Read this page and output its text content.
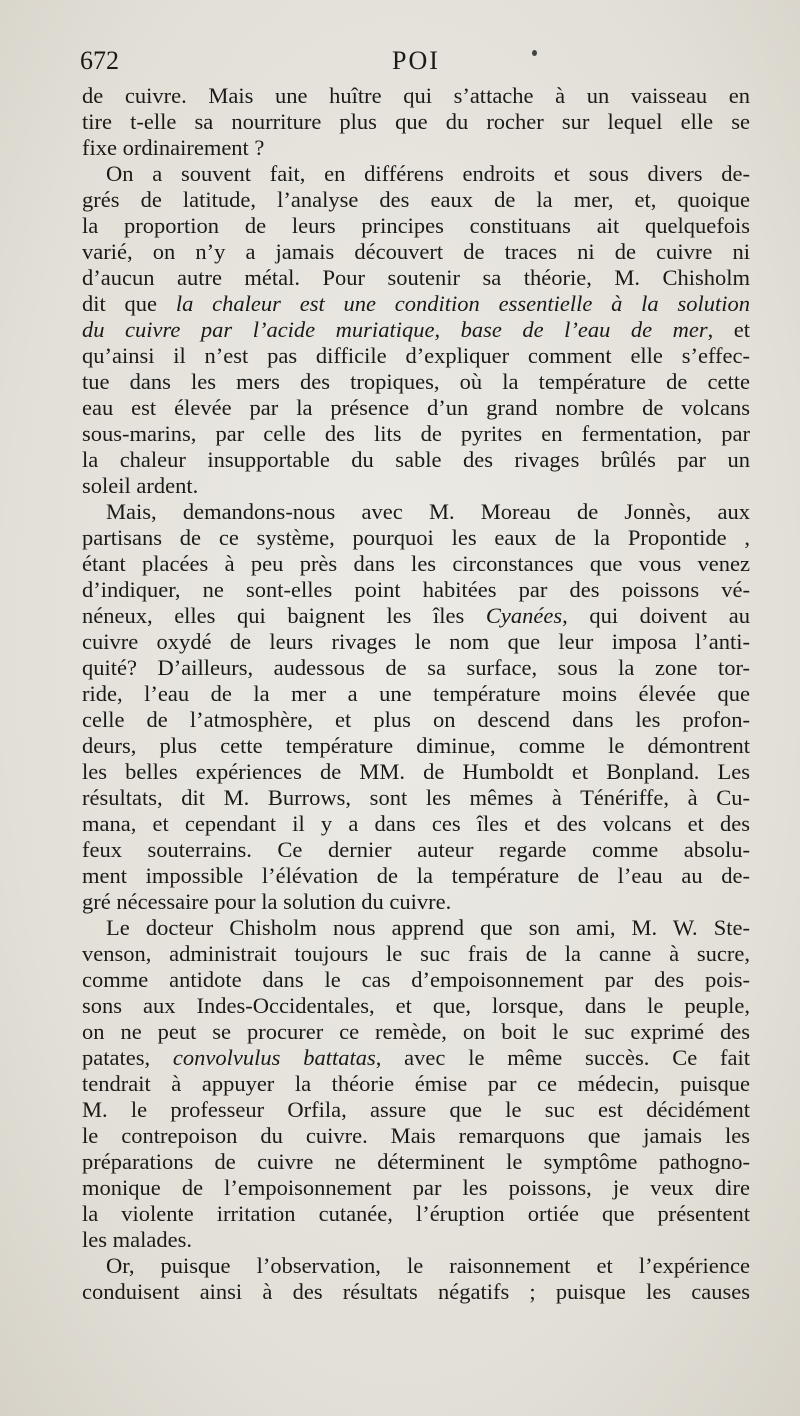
672	POI
de cuivre. Mais une huître qui s’attache à un vaisseau en
tire t-elle sa nourriture plus que du rocher sur lequel elle se
fixe ordinairement ?
On a souvent fait, en différens endroits et sous divers de-
grés de latitude, l’analyse des eaux de la mer, et, quoique
la proportion de leurs principes constituans ait quelquefois
varié, on n’y a jamais découvert de traces ni de cuivre ni
d’aucun autre métal. Pour soutenir sa théorie, M. Chisholm
dit que la chaleur est une condition essentielle à la solution
du cuivre par l’acide muriatique, base de l’eau de mer, et
qu’ainsi il n’est pas difficile d’expliquer comment elle s’effec-
tue dans les mers des tropiques, où la température de cette
eau est élevée par la présence d’un grand nombre de volcans
sous-marins, par celle des lits de pyrites en fermentation, par
la chaleur insupportable du sable des rivages brûlés par un
soleil ardent.
Mais, demandons-nous avec M. Moreau de Jonnès, aux
partisans de ce système, pourquoi les eaux de la Propontide ,
étant placées à peu près dans les circonstances que vous venez
d’indiquer, ne sont-elles point habitées par des poissons vé-
néneux, elles qui baignent les îles Cyanées, qui doivent au
cuivre oxydé de leurs rivages le nom que leur imposa l’anti-
quité? D’ailleurs, audessous de sa surface, sous la zone tor-
ride, l’eau de la mer a une température moins élevée que
celle de l’atmosphère, et plus on descend dans les profon-
deurs, plus cette température diminue, comme le démontrent
les belles expériences de MM. de Humboldt et Bonpland. Les
résultats, dit M. Burrows, sont les mêmes à Ténériffe, à Cu-
mana, et cependant il y a dans ces îles et des volcans et des
feux souterrains. Ce dernier auteur regarde comme absolu-
ment impossible l’élévation de la température de l’eau au de-
gré nécessaire pour la solution du cuivre.
Le docteur Chisholm nous apprend que son ami, M. W. Ste-
venson, administrait toujours le suc frais de la canne à sucre,
comme antidote dans le cas d’empoisonnement par des pois-
sons aux Indes-Occidentales, et que, lorsque, dans le peuple,
on ne peut se procurer ce remède, on boit le suc exprimé des
patates, convolvulus battatas, avec le même succès. Ce fait
tendrait à appuyer la théorie émise par ce médecin, puisque
M. le professeur Orfila, assure que le suc est décidément
le contrepoison du cuivre. Mais remarquons que jamais les
préparations de cuivre ne déterminent le symptôme pathogno-
monique de l’empoisonnement par les poissons, je veux dire
la violente irritation cutanée, l’éruption ortiée que présentent
les malades.
Or, puisque l’observation, le raisonnement et l’expérience
conduisent ainsi à des résultats négatifs ; puisque les causes
